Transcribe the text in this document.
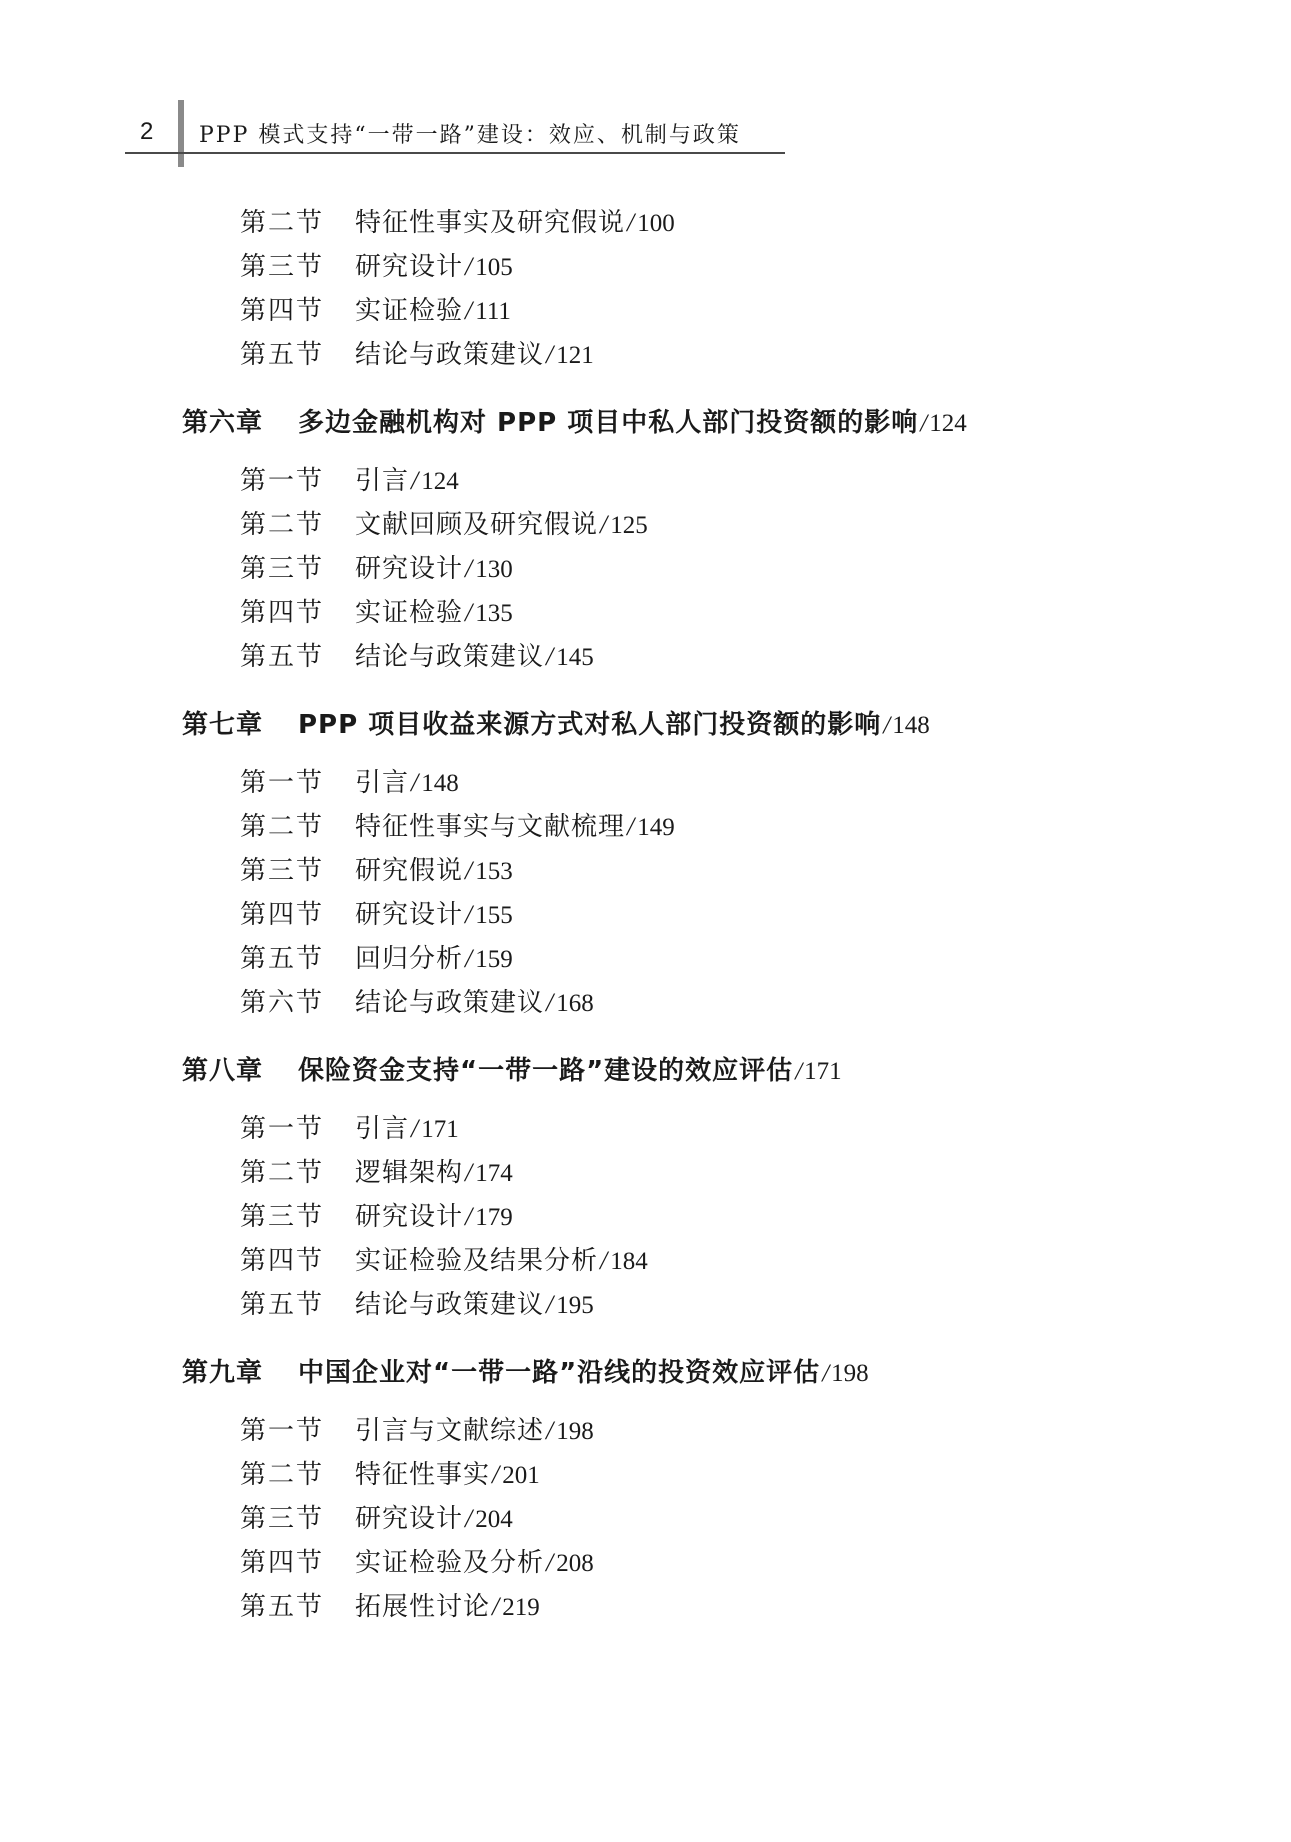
2 PPP 模式支持“一带一路”建设：效应、机制与政策
第二节 特征性事实及研究假说/100
第三节 研究设计/105
第四节 实证检验/111
第五节 结论与政策建议/121
第六章 多边金融机构对 PPP 项目中私人部门投资额的影响/124
第一节 引言/124
第二节 文献回顾及研究假说/125
第三节 研究设计/130
第四节 实证检验/135
第五节 结论与政策建议/145
第七章 PPP 项目收益来源方式对私人部门投资额的影响/148
第一节 引言/148
第二节 特征性事实与文献梳理/149
第三节 研究假说/153
第四节 研究设计/155
第五节 回归分析/159
第六节 结论与政策建议/168
第八章 保险资金支持“一带一路”建设的效应评估/171
第一节 引言/171
第二节 逻辑架构/174
第三节 研究设计/179
第四节 实证检验及结果分析/184
第五节 结论与政策建议/195
第九章 中国企业对“一带一路”沿线的投资效应评估/198
第一节 引言与文献综述/198
第二节 特征性事实/201
第三节 研究设计/204
第四节 实证检验及分析/208
第五节 拓展性讨论/219
